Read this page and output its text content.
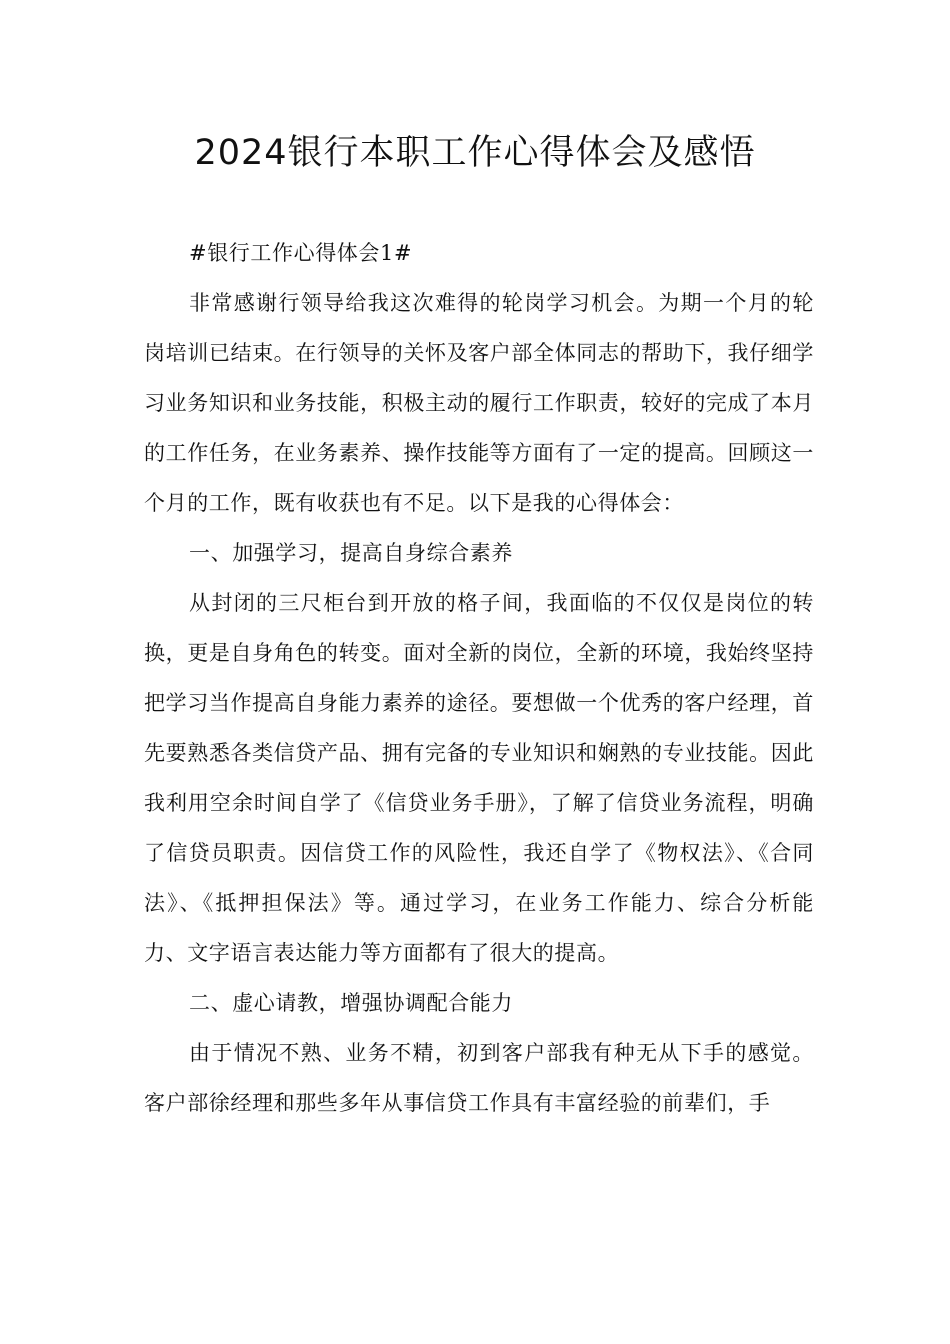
2024银行本职工作心得体会及感悟

#银行工作心得体会1#

非常感谢行领导给我这次难得的轮岗学习机会。为期一个月的轮岗培训已结束。在行领导的关怀及客户部全体同志的帮助下，我仔细学习业务知识和业务技能，积极主动的履行工作职责，较好的完成了本月的工作任务，在业务素养、操作技能等方面有了一定的提高。回顾这一个月的工作，既有收获也有不足。以下是我的心得体会：

一、加强学习，提高自身综合素养

从封闭的三尺柜台到开放的格子间，我面临的不仅仅是岗位的转换，更是自身角色的转变。面对全新的岗位，全新的环境，我始终坚持把学习当作提高自身能力素养的途径。要想做一个优秀的客户经理，首先要熟悉各类信贷产品、拥有完备的专业知识和娴熟的专业技能。因此我利用空余时间自学了《信贷业务手册》，了解了信贷业务流程，明确了信贷员职责。因信贷工作的风险性，我还自学了《物权法》、《合同法》、《抵押担保法》等。通过学习，在业务工作能力、综合分析能力、文字语言表达能力等方面都有了很大的提高。

二、虚心请教，增强协调配合能力

由于情况不熟、业务不精，初到客户部我有种无从下手的感觉。客户部徐经理和那些多年从事信贷工作具有丰富经验的前辈们，手
